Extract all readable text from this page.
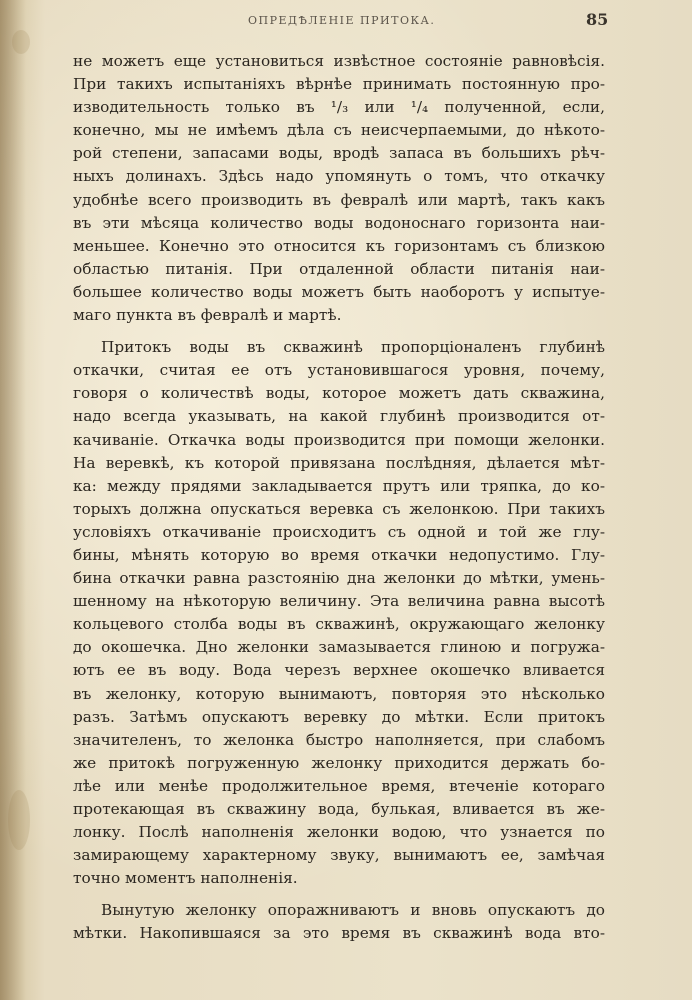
ОПРЕДѢЛЕНІЕ ПРИТОКА.	85
не можетъ еще установиться извѣстное состояніе равновѣсія.
При такихъ испытаніяхъ вѣрнѣе принимать постоянную про-
изводительность только въ ¹/₃ или ¹/₄ полученной, если,
конечно, мы не имѣемъ дѣла съ неисчерпаемыми, до нѣкото-
рой степени, запасами воды, вродѣ запаса въ большихъ рѣч-
ныхъ долинахъ. Здѣсь надо упомянуть о томъ, что откачку
удобнѣе всего производить въ февралѣ или мартѣ, такъ какъ
въ эти мѣсяца количество воды водоноснаго горизонта наи-
меньшее. Конечно это относится къ горизонтамъ съ близкою
областью питанія. При отдаленной области питанія наи-
большее количество воды можетъ быть наоборотъ у испытуе-
маго пункта въ февралѣ и мартѣ.
Притокъ воды въ скважинѣ пропорціоналенъ глубинѣ
откачки, считая ее отъ установившагося уровня, почему,
говоря о количествѣ воды, которое можетъ дать скважина,
надо всегда указывать, на какой глубинѣ производится от-
качиваніе. Откачка воды производится при помощи желонки.
На веревкѣ, къ которой привязана послѣдняя, дѣлается мѣт-
ка: между прядями закладывается прутъ или тряпка, до ко-
торыхъ должна опускаться веревка съ желонкою. При такихъ
условіяхъ откачиваніе происходитъ съ одной и той же глу-
бины, мѣнять которую во время откачки недопустимо. Глу-
бина откачки равна разстоянію дна желонки до мѣтки, умень-
шенному на нѣкоторую величину. Эта величина равна высотѣ
кольцевого столба воды въ скважинѣ, окружающаго желонку
до окошечка. Дно желонки замазывается глиною и погружа-
ютъ ее въ воду. Вода черезъ верхнее окошечко вливается
въ желонку, которую вынимаютъ, повторяя это нѣсколько
разъ. Затѣмъ опускаютъ веревку до мѣтки. Если притокъ
значителенъ, то желонка быстро наполняется, при слабомъ
же притокѣ погруженную желонку приходится держать бо-
лѣе или менѣе продолжительное время, втеченіе котораго
протекающая въ скважину вода, булькая, вливается въ же-
лонку. Послѣ наполненія желонки водою, что узнается по
замирающему характерному звуку, вынимаютъ ее, замѣчая
точно моментъ наполненія.
Вынутую желонку опоражниваютъ и вновь опускаютъ до
мѣтки. Накопившаяся за это время въ скважинѣ вода вто-
